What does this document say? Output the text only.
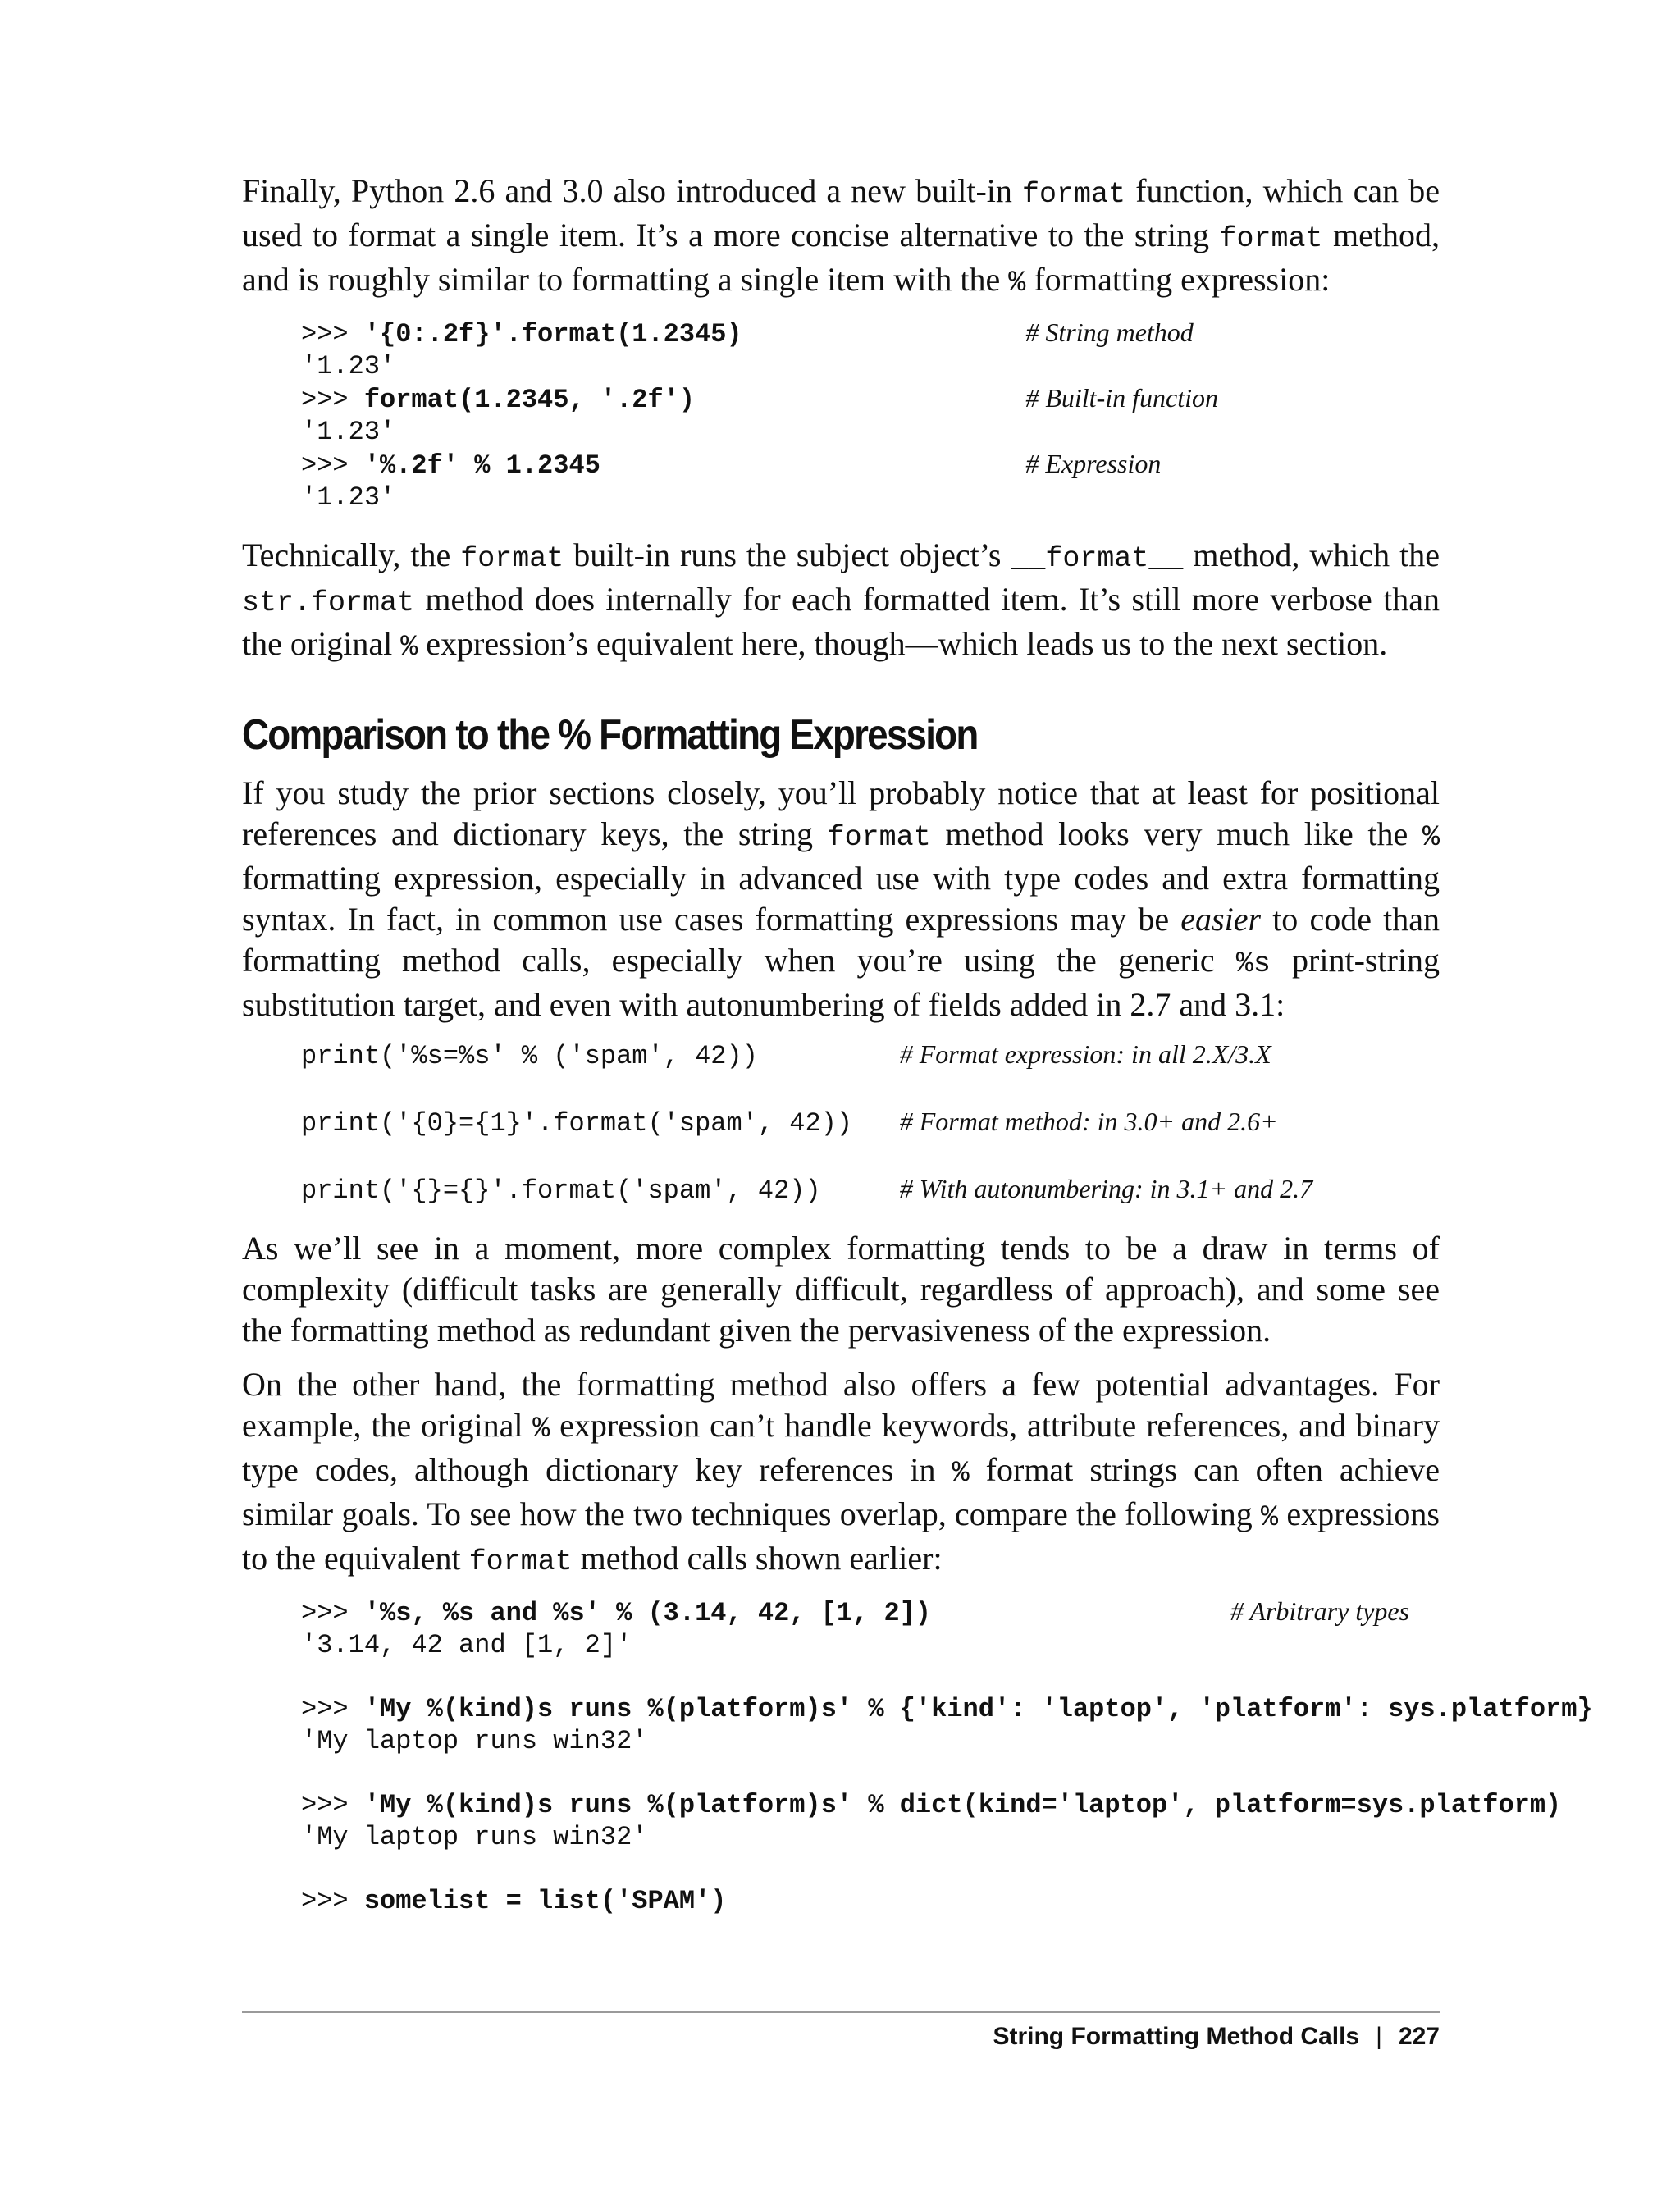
Finally, Python 2.6 and 3.0 also introduced a new built-in format function, which can be used to format a single item. It’s a more concise alternative to the string format method, and is roughly similar to formatting a single item with the % formatting expression:

>>> '{0:.2f}'.format(1.2345)	# String method
'1.23'
>>> format(1.2345, '.2f')	# Built-in function
'1.23'
>>> '%.2f' % 1.2345	# Expression
'1.23'

Technically, the format built-in runs the subject object’s __format__ method, which the str.format method does internally for each formatted item. It’s still more verbose than the original % expression’s equivalent here, though—which leads us to the next section.

Comparison to the % Formatting Expression

If you study the prior sections closely, you’ll probably notice that at least for positional references and dictionary keys, the string format method looks very much like the % formatting expression, especially in advanced use with type codes and extra formatting syntax. In fact, in common use cases formatting expressions may be easier to code than formatting method calls, especially when you’re using the generic %s print-string substitution target, and even with autonumbering of fields added in 2.7 and 3.1:

print('%s=%s' % ('spam', 42))	# Format expression: in all 2.X/3.X
print('{0}={1}'.format('spam', 42)) # Format method: in 3.0+ and 2.6+
print('{}={}'.format('spam', 42))	# With autonumbering: in 3.1+ and 2.7

As we’ll see in a moment, more complex formatting tends to be a draw in terms of complexity (difficult tasks are generally difficult, regardless of approach), and some see the formatting method as redundant given the pervasiveness of the expression.

On the other hand, the formatting method also offers a few potential advantages. For example, the original % expression can’t handle keywords, attribute references, and binary type codes, although dictionary key references in % format strings can often achieve similar goals. To see how the two techniques overlap, compare the following % expressions to the equivalent format method calls shown earlier:

>>> '%s, %s and %s' % (3.14, 42, [1, 2])	# Arbitrary types
'3.14, 42 and [1, 2]'
>>> 'My %(kind)s runs %(platform)s' % {'kind': 'laptop', 'platform': sys.platform}
'My laptop runs win32'
>>> 'My %(kind)s runs %(platform)s' % dict(kind='laptop', platform=sys.platform)
'My laptop runs win32'
>>> somelist = list('SPAM')
String Formatting Method Calls | 227
